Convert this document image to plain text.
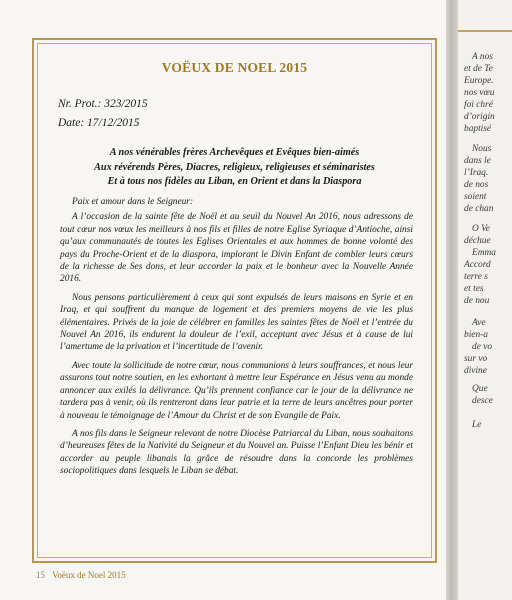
VOËUX DE NOEL 2015
Nr. Prot.: 323/2015
Date: 17/12/2015
A nos vénérables frères Archevêques et Evêques bien-aimés
Aux révérends Pères, Diacres, religieux, religieuses et séminaristes
Et à tous nos fidèles au Liban, en Orient et dans la Diaspora

Paix et amour dans le Seigneur:

A l’occasion de la sainte fête de Noël et au seuil du Nouvel An 2016, nous adressons de tout cœur nos vœux les meilleurs à nos fils et filles de notre Eglise Syriaque d’Antioche, ainsi qu’aux communautés de toutes les Eglises Orientales et aux hommes de bonne volonté des pays du Proche-Orient et de la diaspora, implorant le Divin Enfant de combler leurs cœurs de la richesse de Ses dons, et leur accorder la paix et le bonheur avec la Nouvelle Année 2016.

Nous pensons particulièrement à ceux qui sont expulsés de leurs maisons en Syrie et en Iraq, et qui souffrent du manque de logement et des premiers moyens de vie les plus élémentaires. Privés de la joie de célébrer en familles les saintes fêtes de Noël et l’entrée du Nouvel An 2016, ils endurent la douleur de l’exil, acceptant avec Jésus et à cause de lui l’amertume de la privation et l’incertitude de l’avenir.

Avec toute la sollicitude de notre cœur, nous communions à leurs souffrances, et nous leur assurons tout notre soutien, en les exhortant à mettre leur Espérance en Jésus venu au monde annoncer aux exilés la délivrance. Qu’ils prennent confiance car le jour de la délivrance ne tardera pas à venir, où ils rentreront dans leur patrie et la terre de leurs ancêtres pour porter à nouveau le témoignage de l’Amour du Christ et de son Evangile de Paix.

A nos fils dans le Seigneur relevant de notre Diocèse Patriarcal du Liban, nous souhaitons d’heureuses fêtes de la Nativité du Seigneur et du Nouvel an. Puisse l’Enfant Dieu les bénir et accorder au peuple libanais la grâce de résoudre dans la concorde les problèmes sociopolitiques dans lesquels le Liban se débat.

15 Voëux de Noel 2015
A nos
et de Te
Europe.
nos vœu
foi chré
d’origin
baptisé
Nous
dans le
l’Iraq.
de nos
soient
de chan
O Ve
déchue
Emma
Accord
terre s
et tes
de nou
Ave
bien-a
de vo
sur vo
divine
Que
desce
Le
